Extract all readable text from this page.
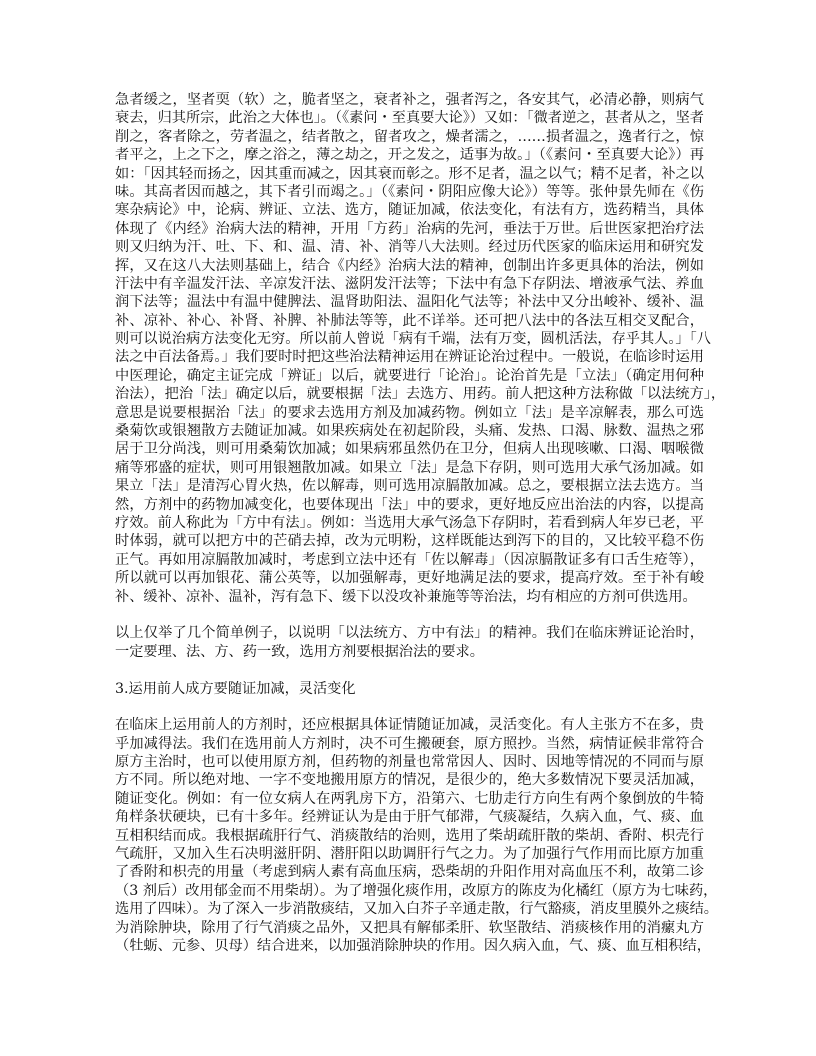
急者缓之，坚者耎（软）之，脆者坚之，衰者补之，强者泻之，各安其气，必清必静，则病气
衰去，归其所宗，此治之大体也」。（《素问・至真要大论》）又如：「微者逆之，甚者从之，坚者
削之，客者除之，劳者温之，结者散之，留者攻之，燥者濡之，……损者温之，逸者行之，惊
者平之，上之下之，摩之浴之，薄之劫之，开之发之，适事为故。」（《素问・至真要大论》）再
如：「因其轻而扬之，因其重而减之，因其衰而彰之。形不足者，温之以气；精不足者，补之以
味。其高者因而越之，其下者引而竭之。」（《素问・阴阳应像大论》）等等。张仲景先师在《伤
寒杂病论》中，论病、辨证、立法、选方，随证加减，依法变化，有法有方，选药精当，具体
体现了《内经》治病大法的精神，开用「方药」治病的先河，垂法于万世。后世医家把治疗法
则又归纳为汗、吐、下、和、温、清、补、消等八大法则。经过历代医家的临床运用和研究发
挥，又在这八大法则基础上，结合《内经》治病大法的精神，创制出许多更具体的治法，例如
汗法中有辛温发汗法、辛凉发汗法、滋阴发汗法等；下法中有急下存阴法、增液承气法、养血
润下法等；温法中有温中健脾法、温肾助阳法、温阳化气法等；补法中又分出峻补、缓补、温
补、凉补、补心、补肾、补脾、补肺法等等，此不详举。还可把八法中的各法互相交叉配合，
则可以说治病方法变化无穷。所以前人曾说「病有千端，法有万变，圆机活法，存乎其人。」「八
法之中百法备焉。」我们要时时把这些治法精神运用在辨证论治过程中。一般说，在临诊时运用
中医理论，确定主证完成「辨证」以后，就要进行「论治」。论治首先是「立法」（确定用何种
治法），把治「法」确定以后，就要根据「法」去选方、用药。前人把这种方法称做「以法统方」，
意思是说要根据治「法」的要求去选用方剂及加减药物。例如立「法」是辛凉解表，那么可选
桑菊饮或银翘散方去随证加减。如果疾病处在初起阶段，头痛、发热、口渴、脉数、温热之邪
居于卫分尚浅，则可用桑菊饮加减；如果病邪虽然仍在卫分，但病人出现咳嗽、口渴、咽喉微
痛等邪盛的症状，则可用银翘散加减。如果立「法」是急下存阴，则可选用大承气汤加减。如
果立「法」是清泻心胃火热，佐以解毒，则可选用凉膈散加减。总之，要根据立法去选方。当
然，方剂中的药物加减变化，也要体现出「法」中的要求，更好地反应出治法的内容，以提高
疗效。前人称此为「方中有法」。例如：当选用大承气汤急下存阴时，若看到病人年岁已老，平
时体弱，就可以把方中的芒硝去掉，改为元明粉，这样既能达到泻下的目的，又比较平稳不伤
正气。再如用凉膈散加减时，考虑到立法中还有「佐以解毒」（因凉膈散证多有口舌生疮等），
所以就可以再加银花、蒲公英等，以加强解毒，更好地满足法的要求，提高疗效。至于补有峻
补、缓补、凉补、温补，泻有急下、缓下以没攻补兼施等等治法，均有相应的方剂可供选用。
以上仅举了几个简单例子，以说明「以法统方、方中有法」的精神。我们在临床辨证论治时，
一定要理、法、方、药一致，选用方剂要根据治法的要求。
3.运用前人成方要随证加减，灵活变化
在临床上运用前人的方剂时，还应根据具体证情随证加减，灵活变化。有人主张方不在多，贵
乎加减得法。我们在选用前人方剂时，决不可生搬硬套，原方照抄。当然，病情证候非常符合
原方主治时，也可以使用原方剂，但药物的剂量也常常因人、因时、因地等情况的不同而与原
方不同。所以绝对地、一字不变地搬用原方的情况，是很少的，绝大多数情况下要灵活加减，
随证变化。例如：有一位女病人在两乳房下方，沿第六、七肋走行方向生有两个象倒放的牛犄
角样条状硬块，已有十多年。经辨证认为是由于肝气郁滞，气痰凝结，久病入血，气、痰、血
互相积结而成。我根据疏肝行气、消痰散结的治则，选用了柴胡疏肝散的柴胡、香附、枳壳行
气疏肝，又加入生石决明滋肝阴、潜肝阳以助调肝行气之力。为了加强行气作用而比原方加重
了香附和枳壳的用量（考虑到病人素有高血压病，恐柴胡的升阳作用对高血压不利，故第二诊
（3 剂后）改用郁金而不用柴胡）。为了增强化痰作用，改原方的陈皮为化橘红（原方为七味药，
选用了四味）。为了深入一步消散痰结，又加入白芥子辛通走散，行气豁痰，消皮里膜外之痰结。
为消除肿块，除用了行气消痰之品外，又把具有解郁柔肝、软坚散结、消痰核作用的消瘰丸方
（牡蛎、元参、贝母）结合进来，以加强消除肿块的作用。因久病入血，气、痰、血互相积结，
